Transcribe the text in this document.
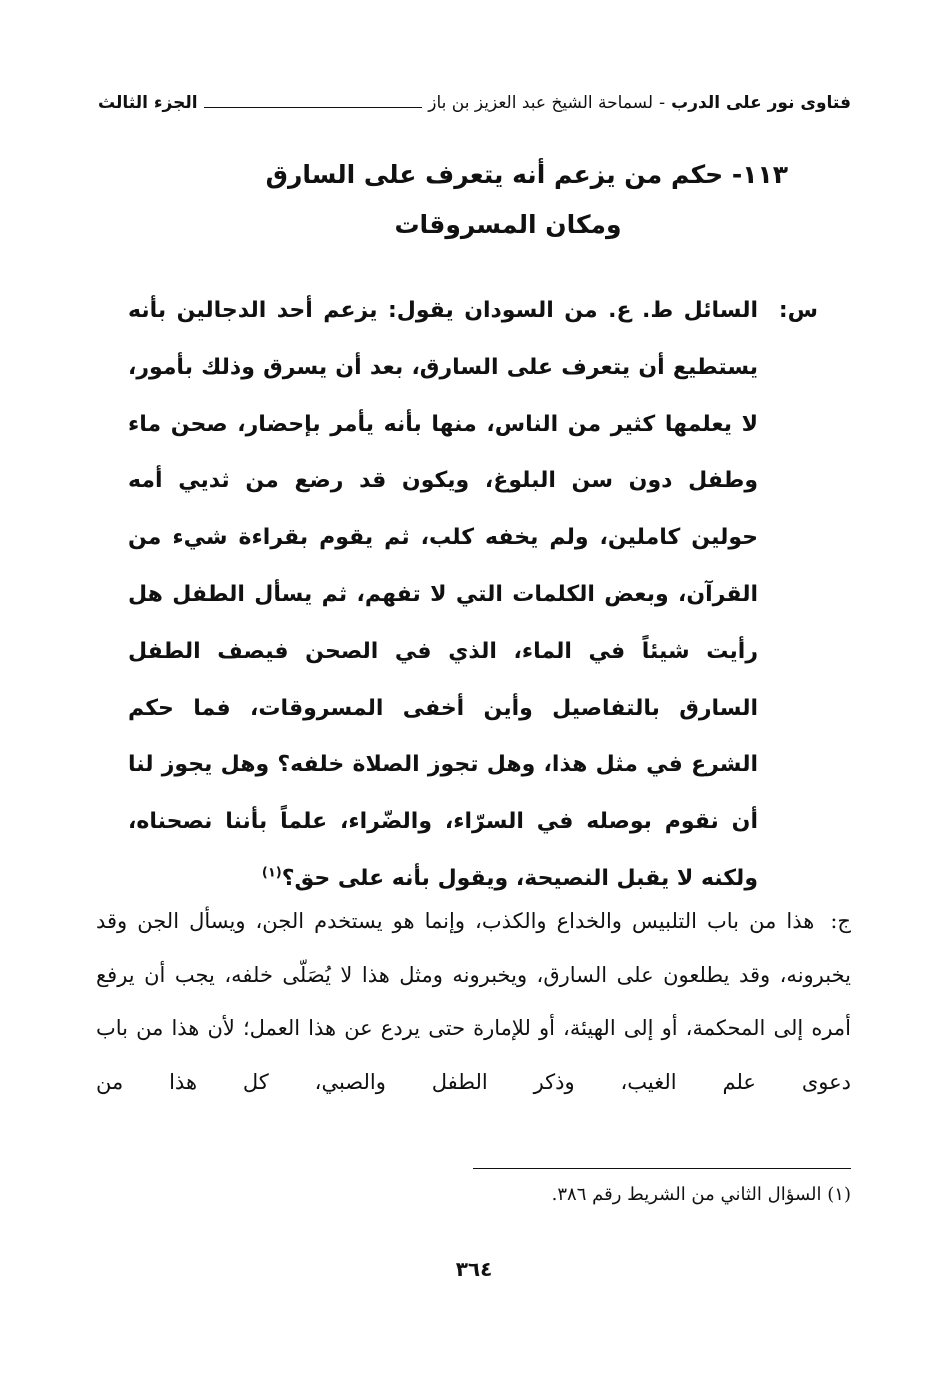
فتاوى نور على الدرب
-
لسماحة الشيخ عبد العزيز بن باز
الجزء الثالث
١١٣- حكم من يزعم أنه يتعرف على السارق
ومكان المسروقات
س:
السائل ط. ع. من السودان يقول: يزعم أحد الدجالين بأنه يستطيع أن يتعرف على السارق، بعد أن يسرق وذلك بأمور، لا يعلمها كثير من الناس، منها بأنه يأمر بإحضار، صحن ماء وطفل دون سن البلوغ، ويكون قد رضع من ثديي أمه حولين كاملين، ولم يخفه كلب، ثم يقوم بقراءة شيء من القرآن، وبعض الكلمات التي لا تفهم، ثم يسأل الطفل هل رأيت شيئاً في الماء، الذي في الصحن فيصف الطفل السارق بالتفاصيل وأين أخفى المسروقات، فما حكم الشرع في مثل هذا، وهل تجوز الصلاة خلفه؟ وهل يجوز لنا أن نقوم بوصله في السرّاء، والضّراء، علماً بأننا نصحناه، ولكنه لا يقبل النصيحة، ويقول بأنه على حق؟$^{(١)}$
ج: هذا من باب التلبيس والخداع والكذب، وإنما هو يستخدم الجن، ويسأل الجن وقد يخبرونه، وقد يطلعون على السارق، ويخبرونه ومثل هذا لا يُصَلّى خلفه، يجب أن يرفع أمره إلى المحكمة، أو إلى الهيئة، أو للإمارة حتى يردع عن هذا العمل؛ لأن هذا من باب دعوى علم الغيب، وذكر الطفل والصبي، كل هذا من
(١) السؤال الثاني من الشريط رقم ٣٨٦.
٣٦٤
